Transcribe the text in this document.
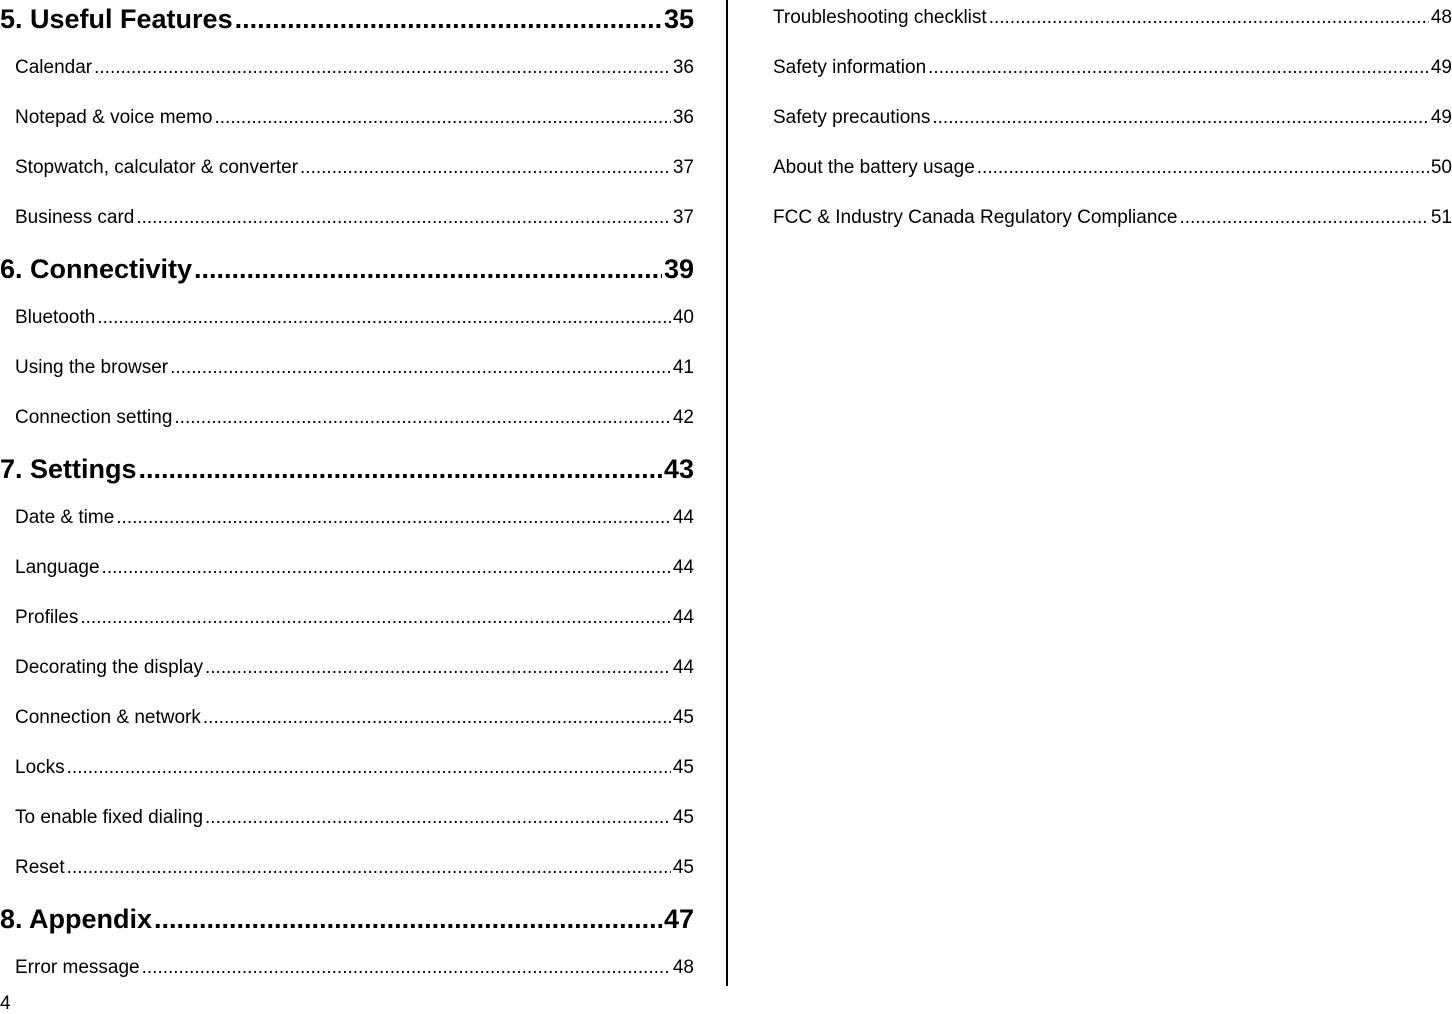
5. Useful Features .....	35
Calendar .....	36
Notepad & voice memo .....	36
Stopwatch, calculator & converter .....	37
Business card .....	37
6. Connectivity .....	39
Bluetooth .....	40
Using the browser .....	41
Connection setting .....	42
7. Settings .....	43
Date & time .....	44
Language .....	44
Profiles .....	44
Decorating the display .....	44
Connection & network .....	45
Locks .....	45
To enable fixed dialing .....	45
Reset .....	45
8. Appendix .....	47
Error message .....	48
Troubleshooting checklist .....	48
Safety information .....	49
Safety precautions .....	49
About the battery usage .....	50
FCC & Industry Canada Regulatory Compliance .....	51
4
